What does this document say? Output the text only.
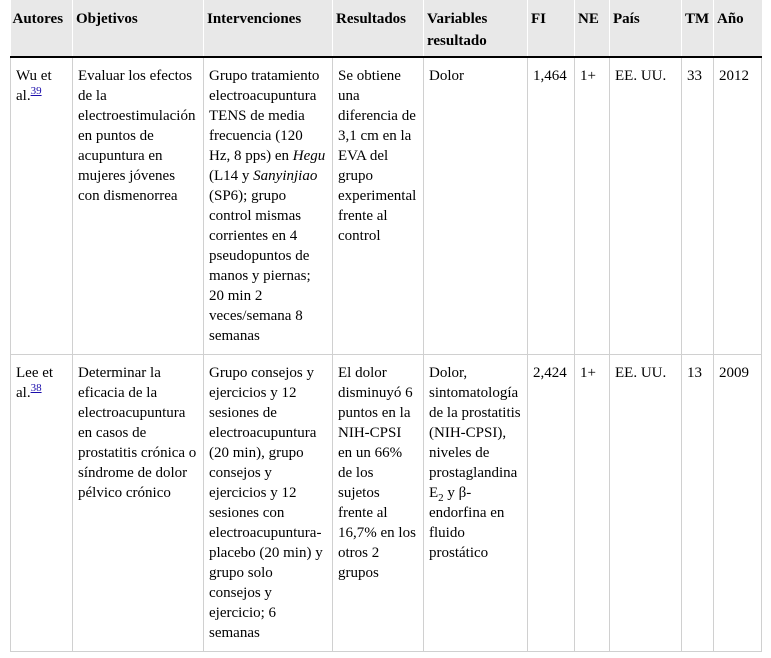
Autores	Objetivos	Intervenciones	Resultados	Variables resultado	FI	NE	País	TM	Año
Wu et al.$^{39}$	Evaluar los efectos de la electroestimulación en puntos de acupuntura en mujeres jóvenes con dismenorrea	Grupo tratamiento electroacupuntura TENS de media frecuencia (120 Hz, 8 pps) en Hegu (L14 y Sanyinjiao (SP6); grupo control mismas corrientes en 4 pseudopuntos de manos y piernas; 20 min 2 veces/semana 8 semanas	Se obtiene una diferencia de 3,1 cm en la EVA del grupo experimental frente al control	Dolor	1,464	1+	EE. UU.	33	2012
Lee et al.$^{38}$	Determinar la eficacia de la electroacupuntura en casos de prostatitis crónica o síndrome de dolor pélvico crónico	Grupo consejos y ejercicios y 12 sesiones de electroacupuntura (20 min), grupo consejos y ejercicios y 12 sesiones con electroacupuntura-placebo (20 min) y grupo solo consejos y ejercicio; 6 semanas	El dolor disminuyó 6 puntos en la NIH-CPSI en un 66% de los sujetos frente al 16,7% en los otros 2 grupos	Dolor, sintomatología de la prostatitis (NIH-CPSI), niveles de prostaglandina $E_2$ y β-endorfina en fluido prostático	2,424	1+	EE. UU.	13	2009
